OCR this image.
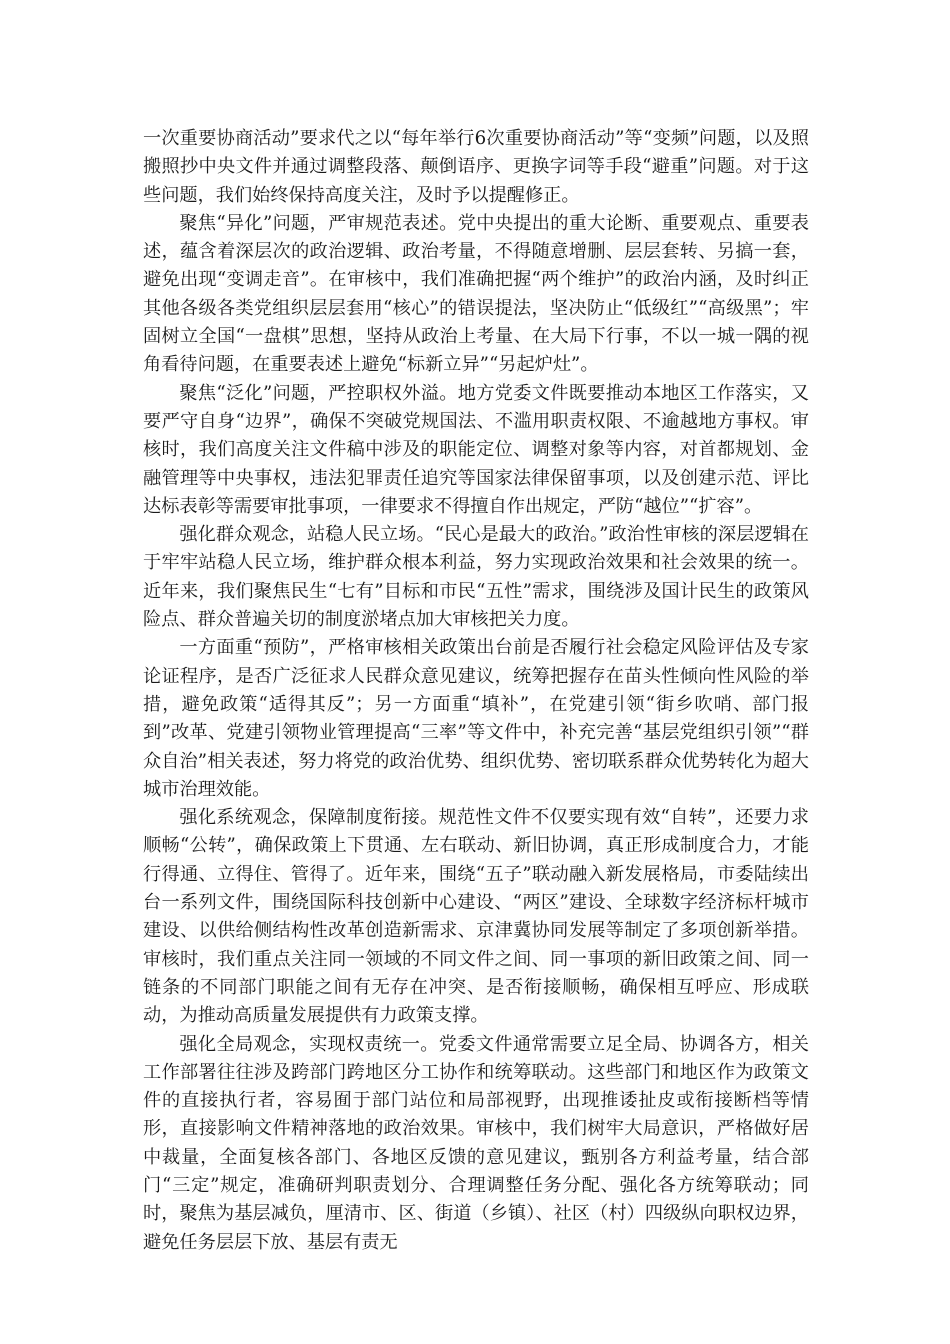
一次重要协商活动”要求代之以“每年举行6次重要协商活动”等“变频”问题，以及照搬照抄中央文件并通过调整段落、颠倒语序、更换字词等手段“避重”问题。对于这些问题，我们始终保持高度关注，及时予以提醒修正。

聚焦“异化”问题，严审规范表述。党中央提出的重大论断、重要观点、重要表述，蕴含着深层次的政治逻辑、政治考量，不得随意增删、层层套转、另搞一套，避免出现“变调走音”。在审核中，我们准确把握“两个维护”的政治内涵，及时纠正其他各级各类党组织层层套用“核心”的错误提法，坚决防止“低级红”“高级黑”；牢固树立全国“一盘棋”思想，坚持从政治上考量、在大局下行事，不以一城一隅的视角看待问题，在重要表述上避免“标新立异”“另起炉灶”。

聚焦“泛化”问题，严控职权外溢。地方党委文件既要推动本地区工作落实，又要严守自身“边界”，确保不突破党规国法、不滥用职责权限、不逾越地方事权。审核时，我们高度关注文件稿中涉及的职能定位、调整对象等内容，对首都规划、金融管理等中央事权，违法犯罪责任追究等国家法律保留事项，以及创建示范、评比达标表彰等需要审批事项，一律要求不得擅自作出规定，严防“越位”“扩容”。

强化群众观念，站稳人民立场。“民心是最大的政治。”政治性审核的深层逻辑在于牢牢站稳人民立场，维护群众根本利益，努力实现政治效果和社会效果的统一。近年来，我们聚焦民生“七有”目标和市民“五性”需求，围绕涉及国计民生的政策风险点、群众普遍关切的制度淤堵点加大审核把关力度。

一方面重“预防”，严格审核相关政策出台前是否履行社会稳定风险评估及专家论证程序，是否广泛征求人民群众意见建议，统筹把握存在苗头性倾向性风险的举措，避免政策“适得其反”；另一方面重“填补”，在党建引领“街乡吹哨、部门报到”改革、党建引领物业管理提高“三率”等文件中，补充完善“基层党组织引领”“群众自治”相关表述，努力将党的政治优势、组织优势、密切联系群众优势转化为超大城市治理效能。

强化系统观念，保障制度衔接。规范性文件不仅要实现有效“自转”，还要力求顺畅“公转”，确保政策上下贯通、左右联动、新旧协调，真正形成制度合力，才能行得通、立得住、管得了。近年来，围绕“五子”联动融入新发展格局，市委陆续出台一系列文件，围绕国际科技创新中心建设、“两区”建设、全球数字经济标杆城市建设、以供给侧结构性改革创造新需求、京津冀协同发展等制定了多项创新举措。审核时，我们重点关注同一领域的不同文件之间、同一事项的新旧政策之间、同一链条的不同部门职能之间有无存在冲突、是否衔接顺畅，确保相互呼应、形成联动，为推动高质量发展提供有力政策支撑。

强化全局观念，实现权责统一。党委文件通常需要立足全局、协调各方，相关工作部署往往涉及跨部门跨地区分工协作和统筹联动。这些部门和地区作为政策文件的直接执行者，容易囿于部门站位和局部视野，出现推诿扯皮或衔接断档等情形，直接影响文件精神落地的政治效果。审核中，我们树牢大局意识，严格做好居中裁量，全面复核各部门、各地区反馈的意见建议，甄别各方利益考量，结合部门“三定”规定，准确研判职责划分、合理调整任务分配、强化各方统筹联动；同时，聚焦为基层减负，厘清市、区、街道（乡镇）、社区（村）四级纵向职权边界，避免任务层层下放、基层有责无
